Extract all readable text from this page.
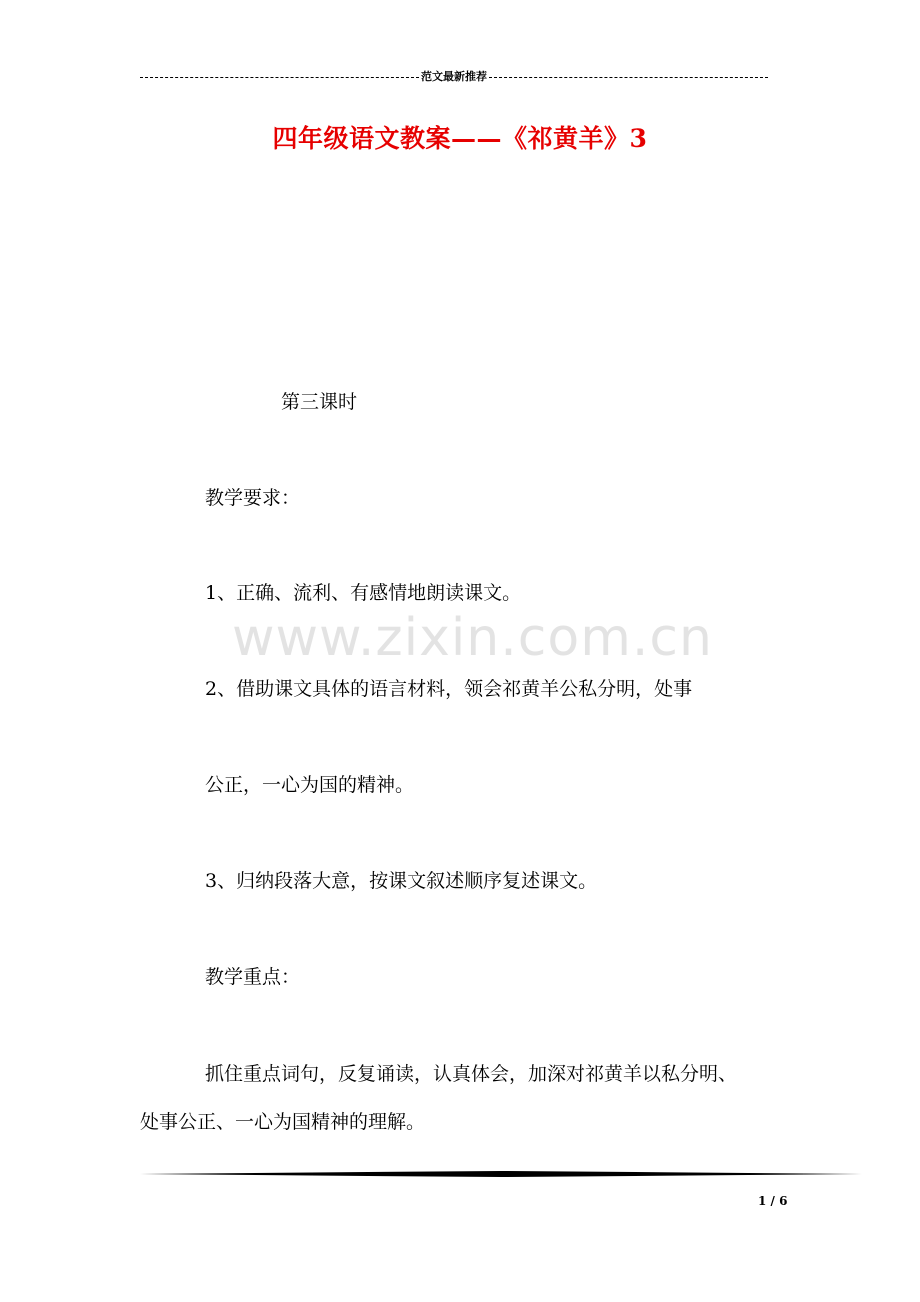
范文最新推荐
四年级语文教案——《祁黄羊》3
第三课时
教学要求：
1、正确、流利、有感情地朗读课文。
www.zixin.com.cn
2、借助课文具体的语言材料，领会祁黄羊公私分明，处事
公正，一心为国的精神。
3、归纳段落大意，按课文叙述顺序复述课文。
教学重点：
抓住重点词句，反复诵读，认真体会，加深对祁黄羊以私分明、
处事公正、一心为国精神的理解。
1 / 6
